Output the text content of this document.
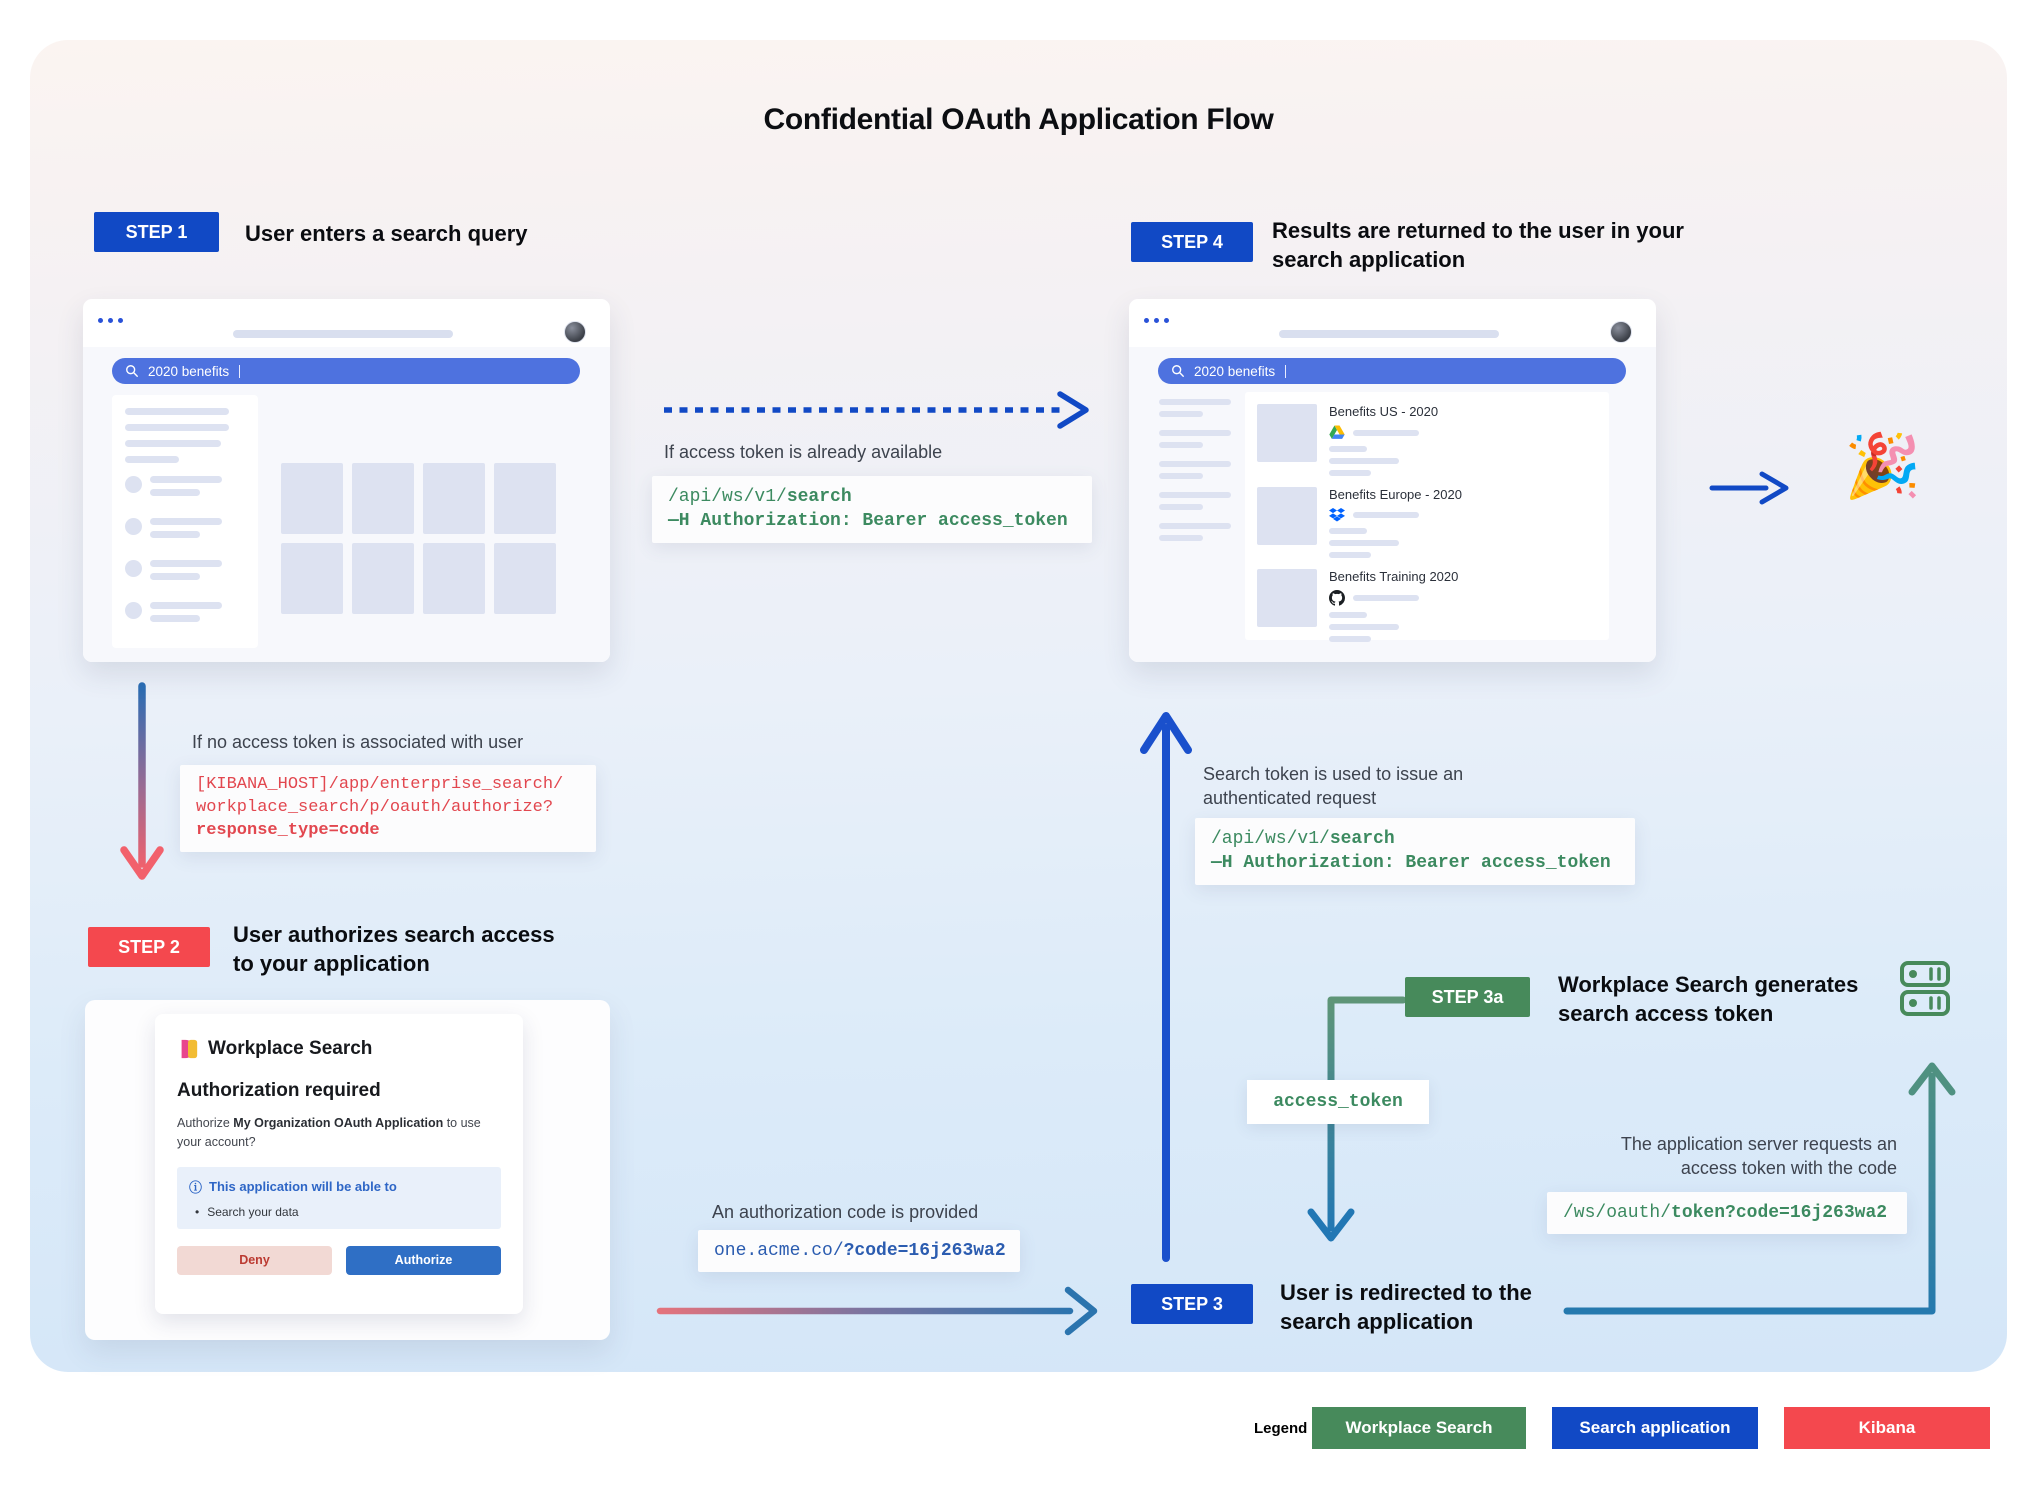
Confidential OAuth Application Flow
STEP 1	User enters a search query
2020 benefits
If access token is already available
/api/ws/v1/search
—H Authorization: Bearer access_token
STEP 4 Results are returned to the user in your search application
2020 benefits
Benefits US - 2020
Benefits Europe - 2020
Benefits Training 2020
🎉
If no access token is associated with user
[KIBANA_HOST]/app/enterprise_search/
workplace_search/p/oauth/authorize?
response_type=code
STEP 2 User authorizes search access to your application
Workplace Search
Authorization required
Authorize My Organization OAuth Application to use your account?
ⓘ This application will be able to
• Search your data
Deny	Authorize
An authorization code is provided
one.acme.co/?code=16j263wa2
STEP 3	User is redirected to the search application
Search token is used to issue an authenticated request
/api/ws/v1/search
—H Authorization: Bearer access_token
STEP 3a Workplace Search generates search access token
access_token
The application server requests an access token with the code
/ws/oauth/token?code=16j263wa2
Legend	Workplace Search	Search application	Kibana
